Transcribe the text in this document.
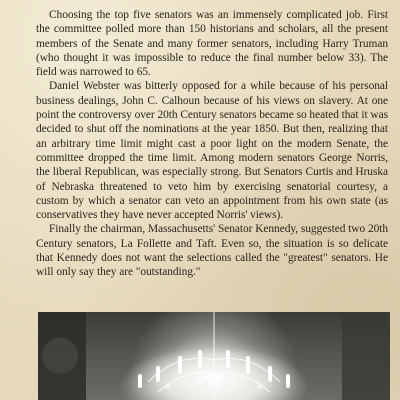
Choosing the top five senators was an immensely complicated job. First the committee polled more than 150 historians and scholars, all the present members of the Senate and many former senators, including Harry Truman (who thought it was impossible to reduce the final number below 33). The field was narrowed to 65.

Daniel Webster was bitterly opposed for a while because of his personal business dealings, John C. Calhoun because of his views on slavery. At one point the controversy over 20th Century senators became so heated that it was decided to shut off the nominations at the year 1850. But then, realizing that an arbitrary time limit might cast a poor light on the modern Senate, the committee dropped the time limit. Among modern senators George Norris, the liberal Republican, was especially strong. But Senators Curtis and Hruska of Nebraska threatened to veto him by exercising senatorial courtesy, a custom by which a senator can veto an appointment from his own state (as conservatives they have never accepted Norris' views).

Finally the chairman, Massachusetts' Senator Kennedy, suggested two 20th Century senators, La Follette and Taft. Even so, the situation is so delicate that Kennedy does not want the selections called the "greatest" senators. He will only say they are "outstanding."
